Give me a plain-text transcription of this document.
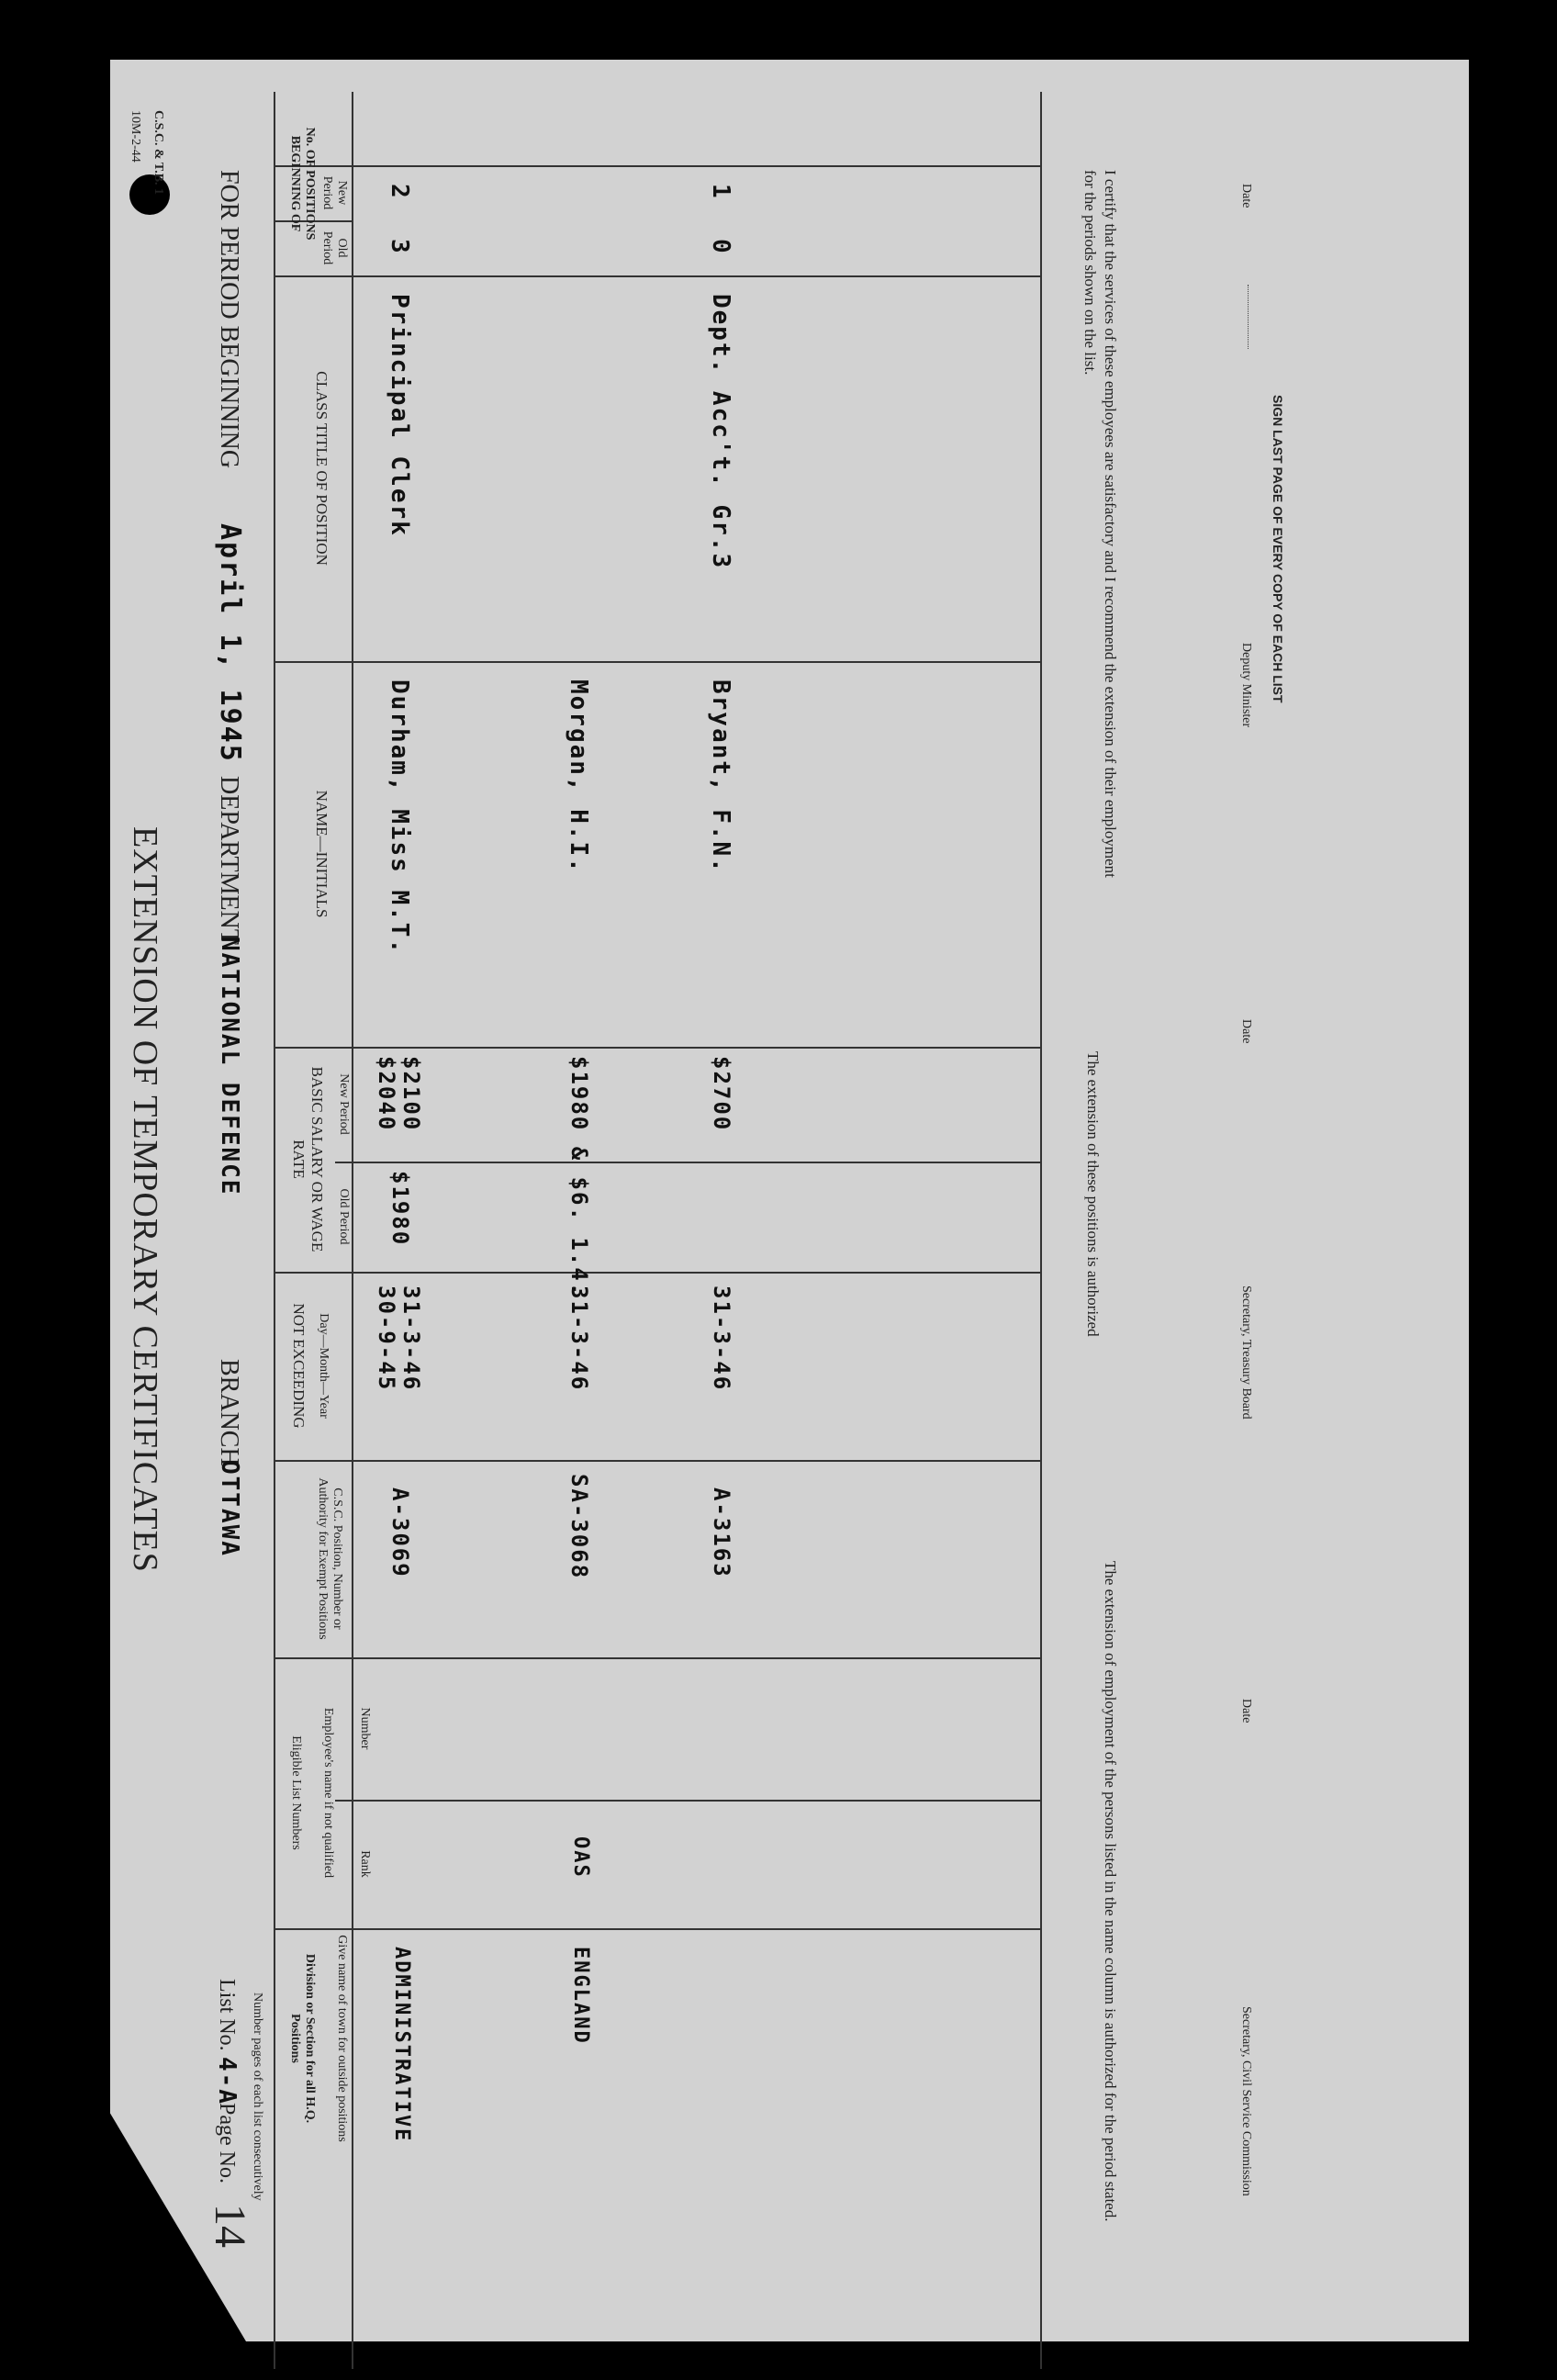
C.S.C. & T.B. 1
10M-2-44
EXTENSION OF TEMPORARY CERTIFICATES
FOR PERIOD BEGINNING
April 1, 1945
DEPARTMENT
NATIONAL DEFENCE
BRANCH
OTTAWA
List No.
4-A
Page No.
14
Number pages of each list consecutively
No. OF POSITIONS BEGINNING OF	New Period
Old Period
CLASS TITLE OF POSITION
NAME—INITIALS
BASIC SALARY OR WAGE RATE
New Period
Old Period
NOT EXCEEDING Day—Month—Year
C.S.C. Position, Number or Authority for Exempt Positions
Eligible List Numbers Employee's name if not qualified Number
Rank
Division or Section for all H.Q. Positions	Give name of town for outside positions
2
3
Principal Clerk
Durham, Miss M.T.
$2040 $2100
$1980
30-9-45 31-3-46
A-3069
ADMINISTRATIVE
Morgan, H.I.
$1980 & $6. 1.4.
31-3-46
SA-3068
OAS
ENGLAND
1
0
Dept. Acc't. Gr.3
Bryant, F.N.
$2700
31-3-46
A-3163
I certify that the services of these employees are satisfactory and I recommend the extension of their employment for the periods shown on the list.
The extension of these positions is authorized
The extension of employment of the persons listed in the name column is authorized for the period stated.
Date
Deputy Minister
Date
Secretary, Treasury Board
Date
Secretary, Civil Service Commission
SIGN LAST PAGE OF EVERY COPY OF EACH LIST
